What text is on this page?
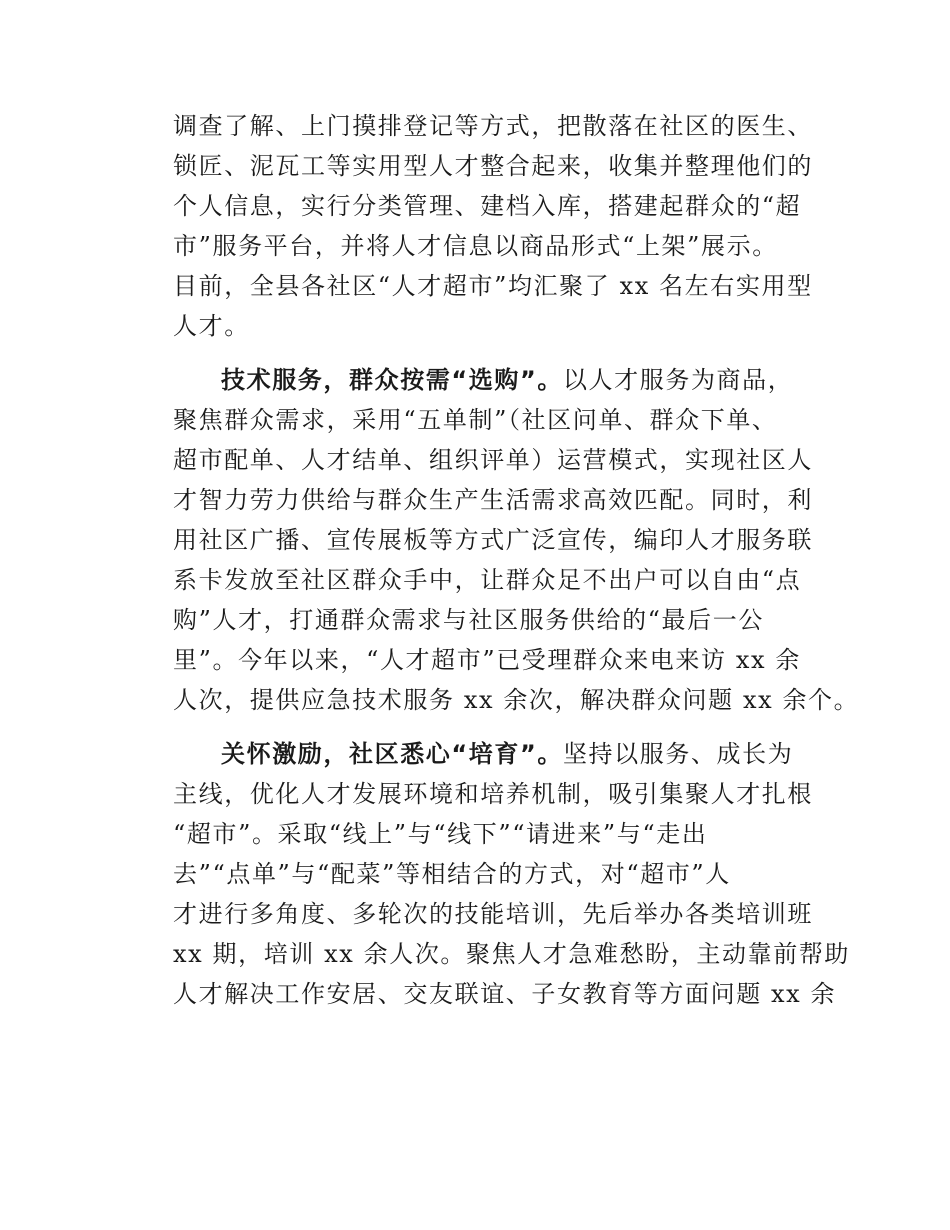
调查了解、上门摸排登记等方式，把散落在社区的医生、
锁匠、泥瓦工等实用型人才整合起来，收集并整理他们的
个人信息，实行分类管理、建档入库，搭建起群众的“超
市”服务平台，并将人才信息以商品形式“上架”展示。
目前，全县各社区“人才超市”均汇聚了 xx 名左右实用型
人才。
技术服务，群众按需“选购”。以人才服务为商品，
聚焦群众需求，采用“五单制”（社区问单、群众下单、
超市配单、人才结单、组织评单）运营模式，实现社区人
才智力劳力供给与群众生产生活需求高效匹配。同时，利
用社区广播、宣传展板等方式广泛宣传，编印人才服务联
系卡发放至社区群众手中，让群众足不出户可以自由“点
购”人才，打通群众需求与社区服务供给的“最后一公
里”。今年以来，“人才超市”已受理群众来电来访 xx 余
人次，提供应急技术服务 xx 余次，解决群众问题 xx 余个。
关怀激励，社区悉心“培育”。坚持以服务、成长为
主线，优化人才发展环境和培养机制，吸引集聚人才扎根
“超市”。采取“线上”与“线下”“请进来”与“走出
去”“点单”与“配菜”等相结合的方式，对“超市”人
才进行多角度、多轮次的技能培训，先后举办各类培训班
xx 期，培训 xx 余人次。聚焦人才急难愁盼，主动靠前帮助
人才解决工作安居、交友联谊、子女教育等方面问题 xx 余
